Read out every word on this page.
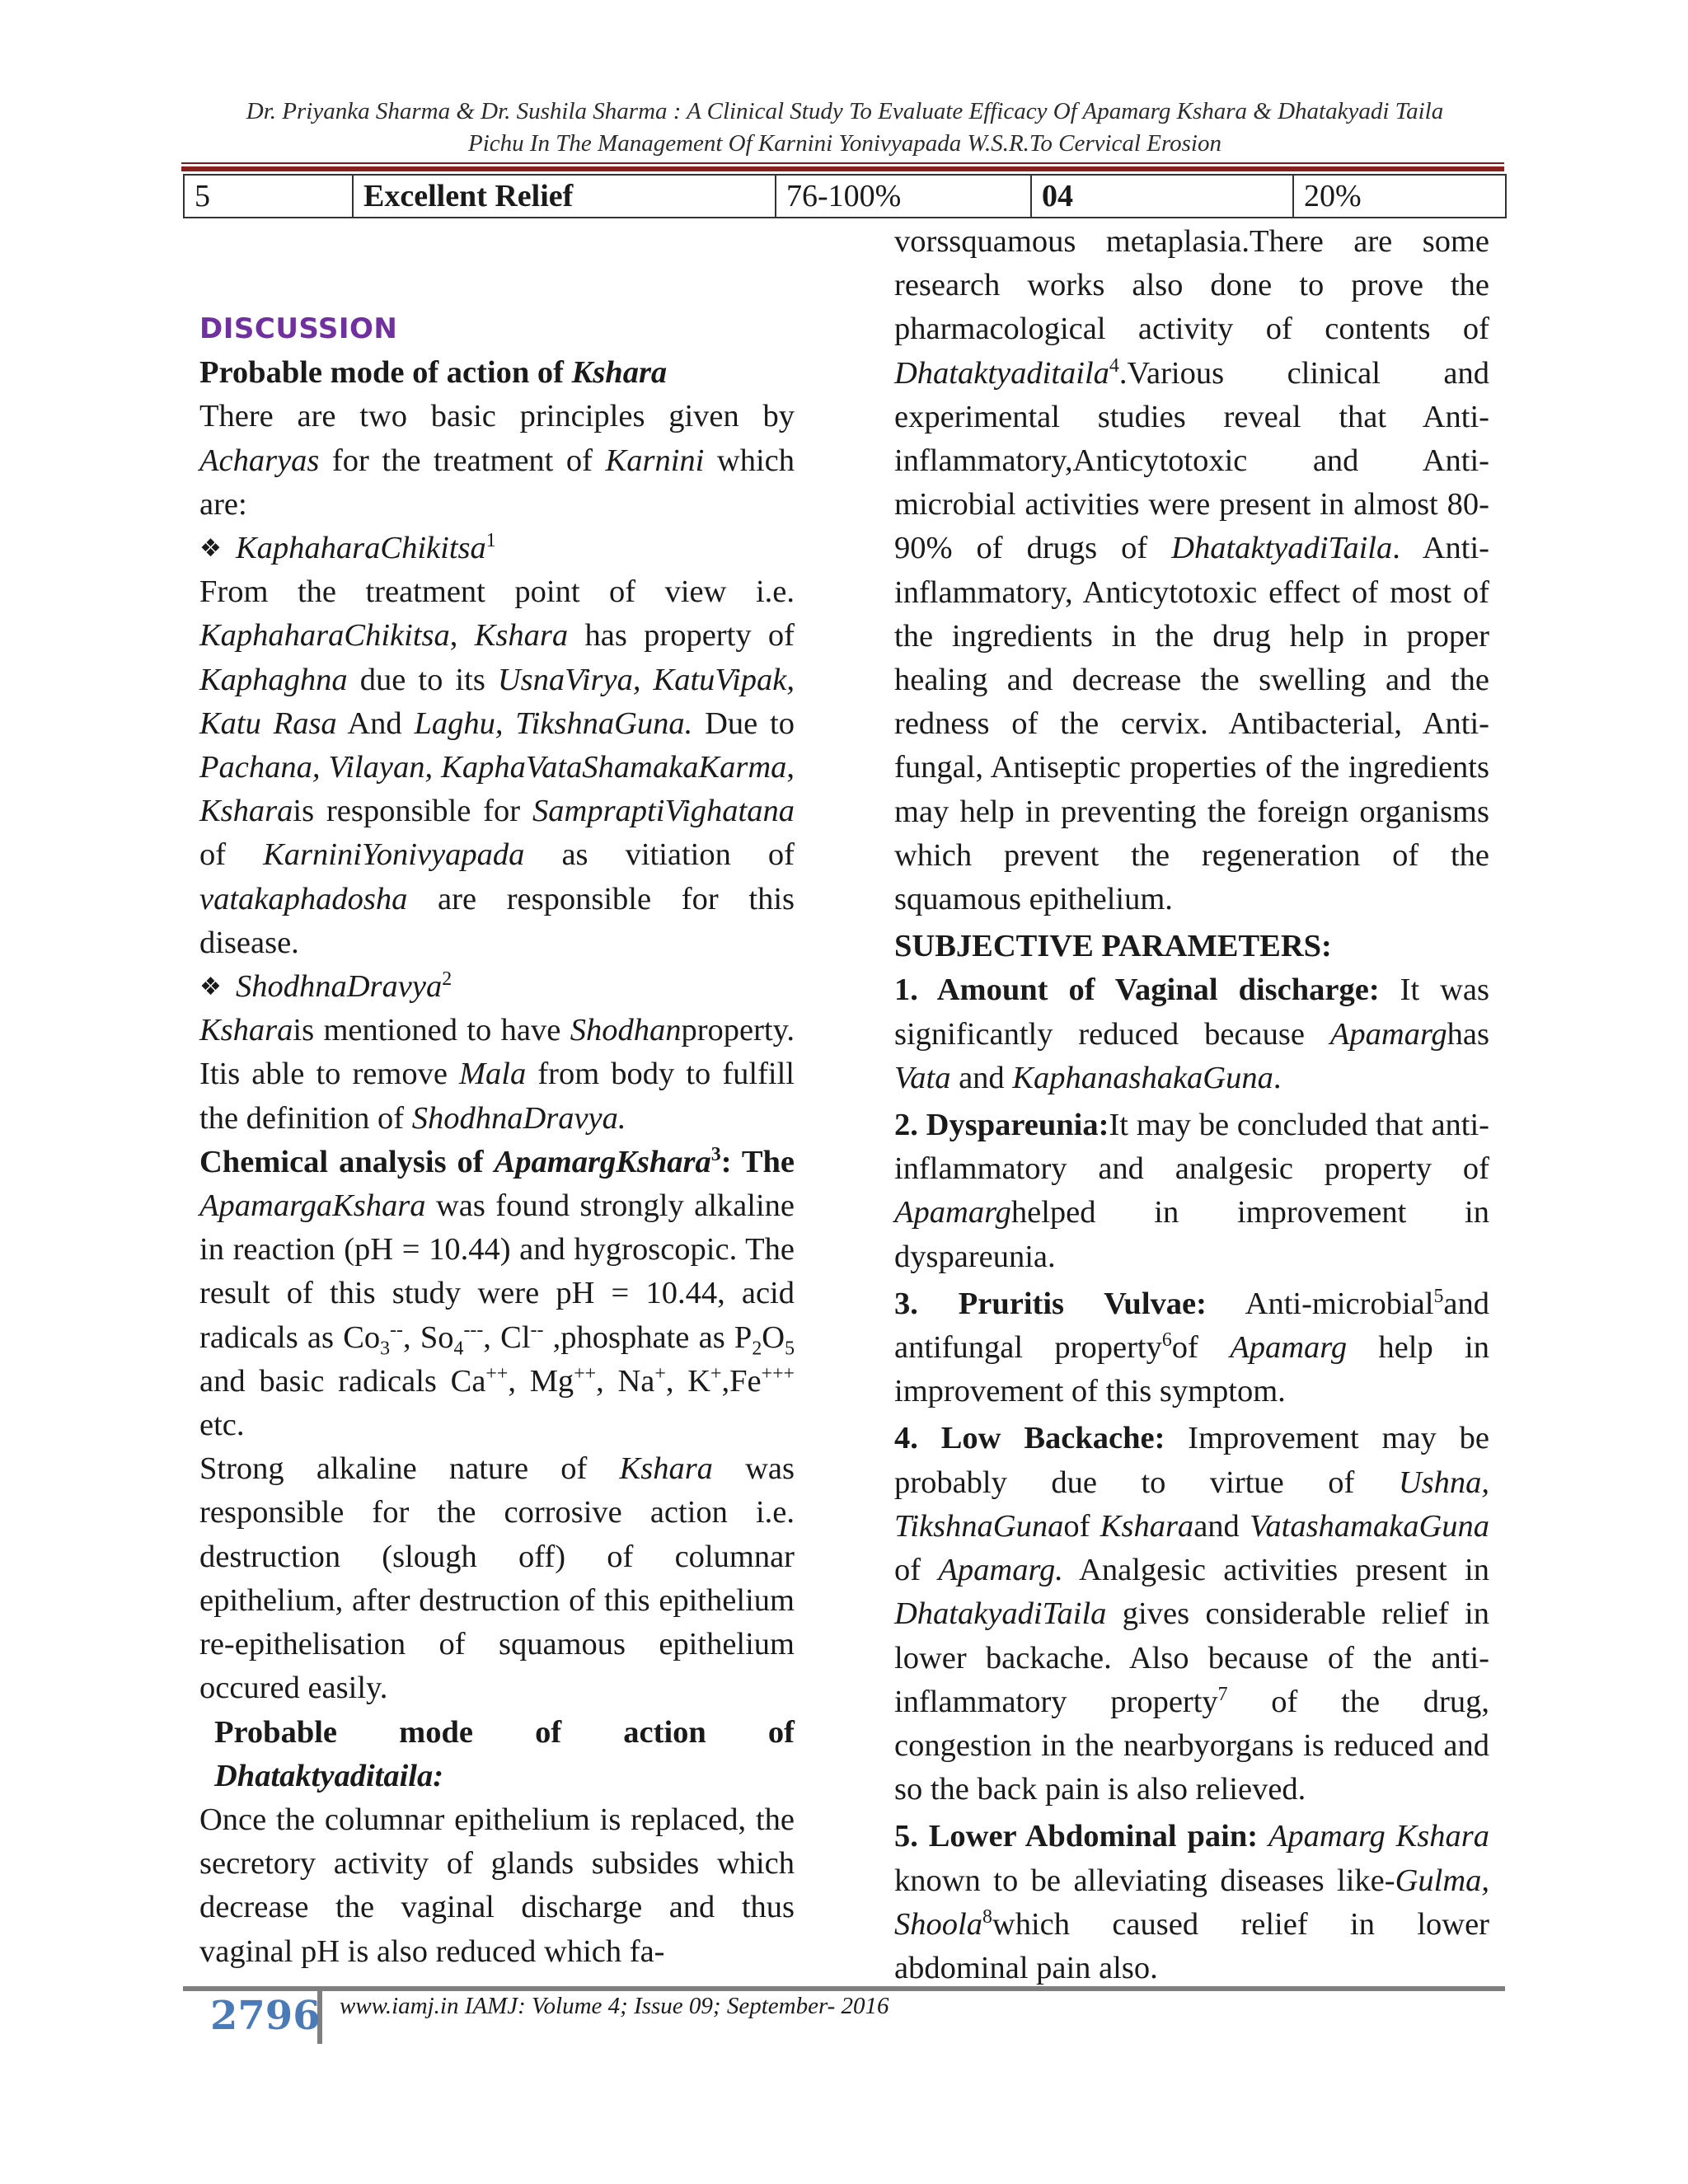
Dr. Priyanka Sharma & Dr. Sushila Sharma : A Clinical Study To Evaluate Efficacy Of Apamarg Kshara & Dhatakyadi Taila
Pichu In The Management Of Karnini Yonivyapada W.S.R.To Cervical Erosion
5	Excellent Relief	76-100%	04	20%

DISCUSSION

Probable mode of action of Kshara

There are two basic principles given by Acharyas for the treatment of Karnini which are:

❖ KaphaharaChikitsa$^1$

From the treatment point of view i.e. KaphaharaChikitsa, Kshara has property of Kaphaghna due to its UsnaVirya, KatuVipak, Katu Rasa And Laghu, TikshnaGuna. Due to Pachana, Vilayan, KaphaVataShamakaKarma, Ksharais responsible for SampraptiVighatana of KarniniYonivyapada as vitiation of vatakaphadosha are responsible for this disease.

❖ ShodhnaDravya$^2$

Ksharais mentioned to have Shodhanproperty. Itis able to remove Mala from body to fulfill the definition of ShodhnaDravya.

Chemical analysis of ApamargKshara$^3$: The ApamargaKshara was found strongly alkaline in reaction (pH = 10.44) and hygroscopic. The result of this study were pH = 10.44, acid radicals as $Co_3^{--}$, $So_4^{---}$, Cl-- ,phosphate as $P_2O_5$ and basic radicals Ca++, Mg++, Na+, K+,Fe+++ etc.

Strong alkaline nature of Kshara was responsible for the corrosive action i.e. destruction (slough off) of columnar epithelium, after destruction of this epithelium re-epithelisation of squamous epithelium occured easily.

Probable mode of action of Dhataktyaditaila:

Once the columnar epithelium is replaced, the secretory activity of glands subsides which decrease the vaginal discharge and thus vaginal pH is also reduced which fa-

vorssquamous metaplasia.There are some research works also done to prove the pharmacological activity of contents of Dhataktyaditaila$^4$.Various clinical and experimental studies reveal that Anti-inflammatory,Anticytotoxic and Anti-microbial activities were present in almost 80-90% of drugs of DhataktyadiTaila. Anti-inflammatory, Anticytotoxic effect of most of the ingredients in the drug help in proper healing and decrease the swelling and the redness of the cervix. Antibacterial, Anti-fungal, Antiseptic properties of the ingredients may help in preventing the foreign organisms which prevent the regeneration of the squamous epithelium.

SUBJECTIVE PARAMETERS:

1. Amount of Vaginal discharge: It was significantly reduced because Apamarghas Vata and KaphanashakaGuna.

2. Dyspareunia:It may be concluded that anti-inflammatory and analgesic property of Apamarghelped in improvement in dyspareunia.

3. Pruritis Vulvae: Anti-microbial$^5$and antifungal property$^6$of Apamarg help in improvement of this symptom.

4. Low Backache: Improvement may be probably due to virtue of Ushna, TikshnaGunaof Ksharaand VatashamakaGuna of Apamarg. Analgesic activities present in DhatakyadiTaila gives considerable relief in lower backache. Also because of the anti-inflammatory property$^7$ of the drug, congestion in the nearbyorgans is reduced and so the back pain is also relieved.

5. Lower Abdominal pain: Apamarg Kshara known to be alleviating diseases like-Gulma, Shoola$^8$which caused relief in lower abdominal pain also.

2796 www.iamj.in IAMJ: Volume 4; Issue 09; September- 2016
